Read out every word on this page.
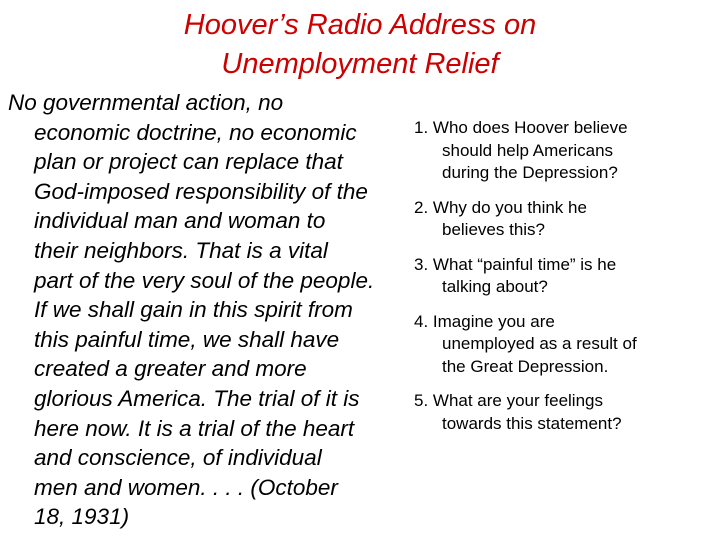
Hoover’s Radio Address on
Unemployment Relief
No governmental action, no
economic doctrine, no economic
plan or project can replace that
God-imposed responsibility of the
individual man and woman to
their neighbors. That is a vital
part of the very soul of the people.
If we shall gain in this spirit from
this painful time, we shall have
created a greater and more
glorious America. The trial of it is
here now. It is a trial of the heart
and conscience, of individual
men and women. . . . (October
18, 1931)
1. Who does Hoover believe
should help Americans
during the Depression?
2. Why do you think he
believes this?
3. What “painful time” is he
talking about?
4. Imagine you are
unemployed as a result of
the Great Depression.
5. What are your feelings
towards this statement?
